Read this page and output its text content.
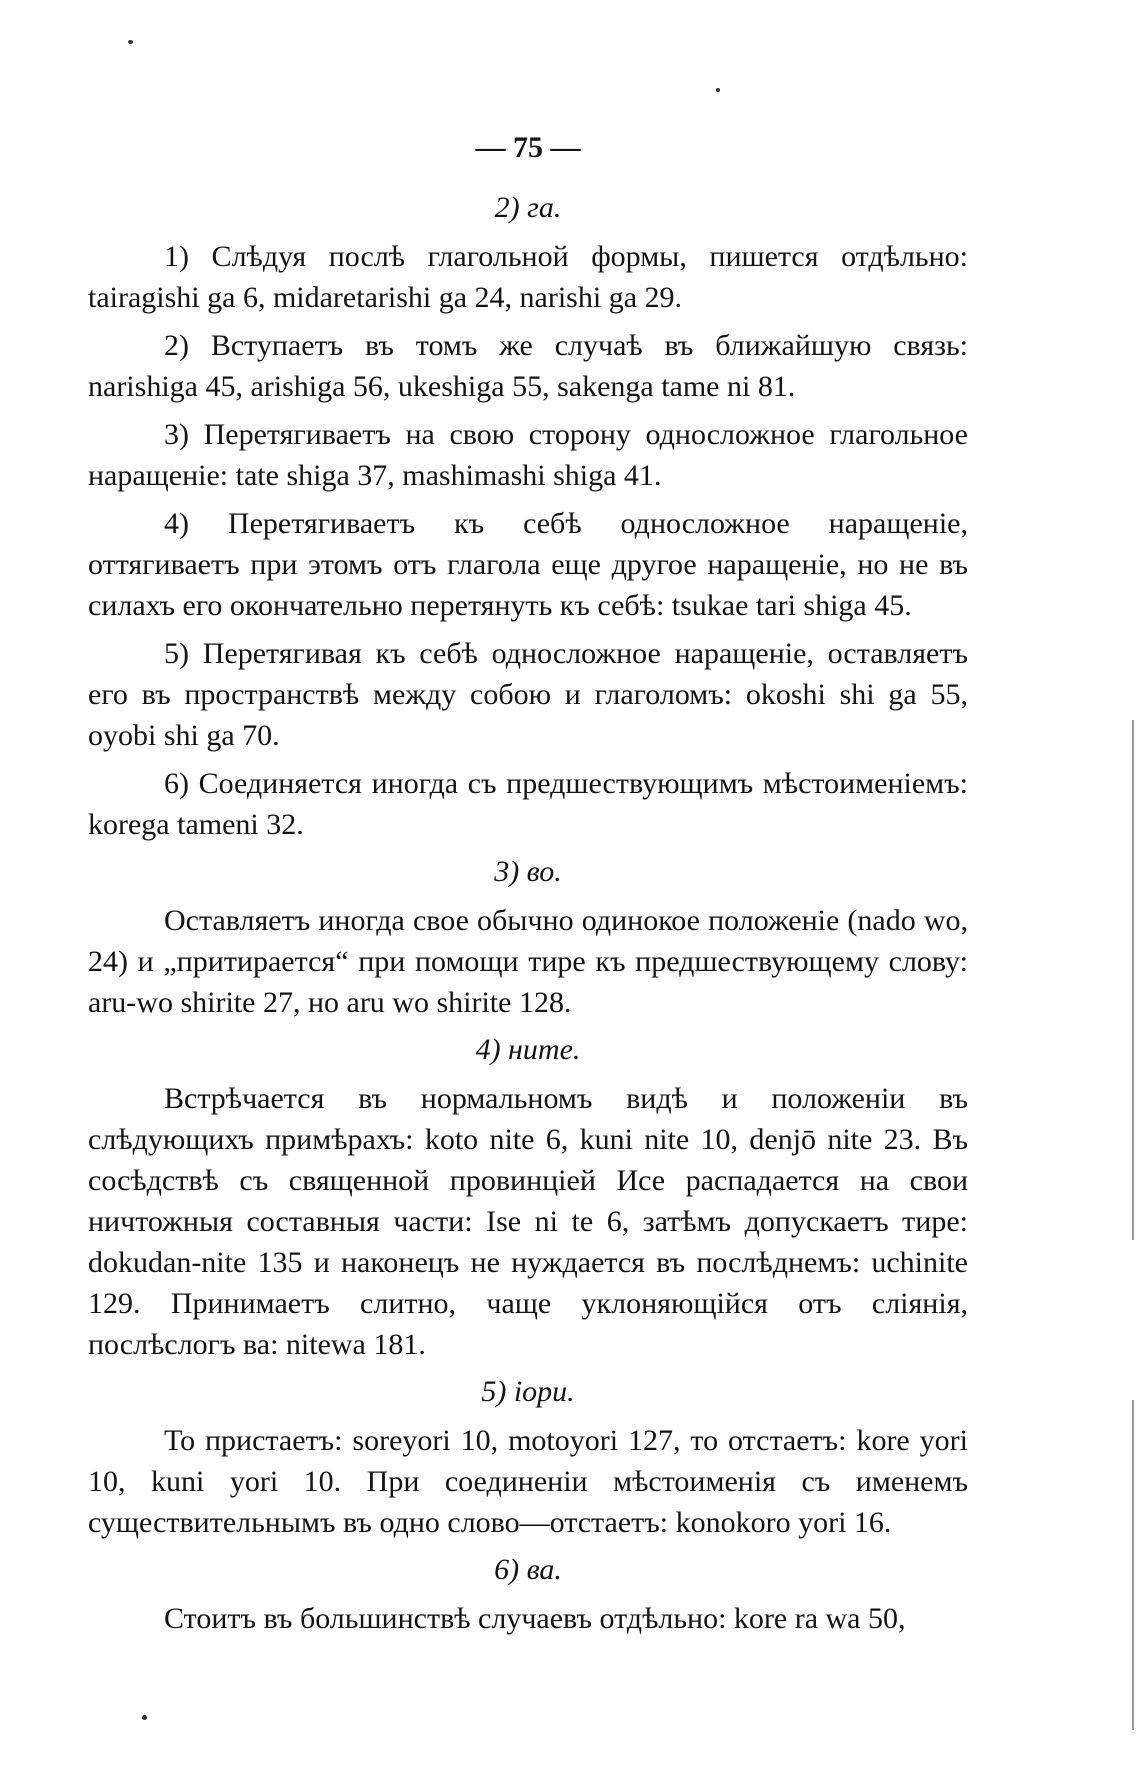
— 75 —
2) га.

1) Слѣдуя послѣ глагольной формы, пишется отдѣльно: tairagishi ga 6, midaretarishi ga 24, narishi ga 29.

2) Вступаетъ въ томъ же случаѣ въ ближайшую связь: narishiga 45, arishiga 56, ukeshiga 55, sakenga tame ni 81.

3) Перетягиваетъ на свою сторону односложное глагольное наращеніе: tate shiga 37, mashimashi shiga 41.

4) Перетягиваетъ къ себѣ односложное наращеніе, оттягиваетъ при этомъ отъ глагола еще другое наращеніе, но не въ силахъ его окончательно перетянуть къ себѣ: tsukae tari shiga 45.

5) Перетягивая къ себѣ односложное наращеніе, оставляетъ его въ пространствѣ между собою и глаголомъ: okoshi shi ga 55, oyobi shi ga 70.

6) Соединяется иногда съ предшествующимъ мѣстоименіемъ: korega tameni 32.

3) во.

Оставляетъ иногда свое обычно одинокое положеніе (nado wo, 24) и „притирается“ при помощи тире къ предшествующему слову: aru-wo shirite 27, но aru wo shirite 128.

4) ниmе.

Встрѣчается въ нормальномъ видѣ и положеніи въ слѣдующихъ примѣрахъ: koto nite 6, kuni nite 10, denjō nite 23. Въ сосѣдствѣ съ священной провинціей Исе распадается на свои ничтожныя составныя части: Ise ni te 6, затѣмъ допускаетъ тире: dokudan-nite 135 и наконецъ не нуждается въ послѣднемъ: uchinite 129. Принимаетъ слитно, чаще уклоняющійся отъ сліянія, послѣслогъ ва: nitewa 181.

5) іори.

То пристаетъ: soreyori 10, motoyori 127, то отстаетъ: kore yori 10, kuni yori 10. При соединеніи мѣстоименія съ именемъ существительнымъ въ одно слово—отстаетъ: konokoro yori 16.

6) ва.

Стоитъ въ большинствѣ случаевъ отдѣльно: kore ra wa 50,
